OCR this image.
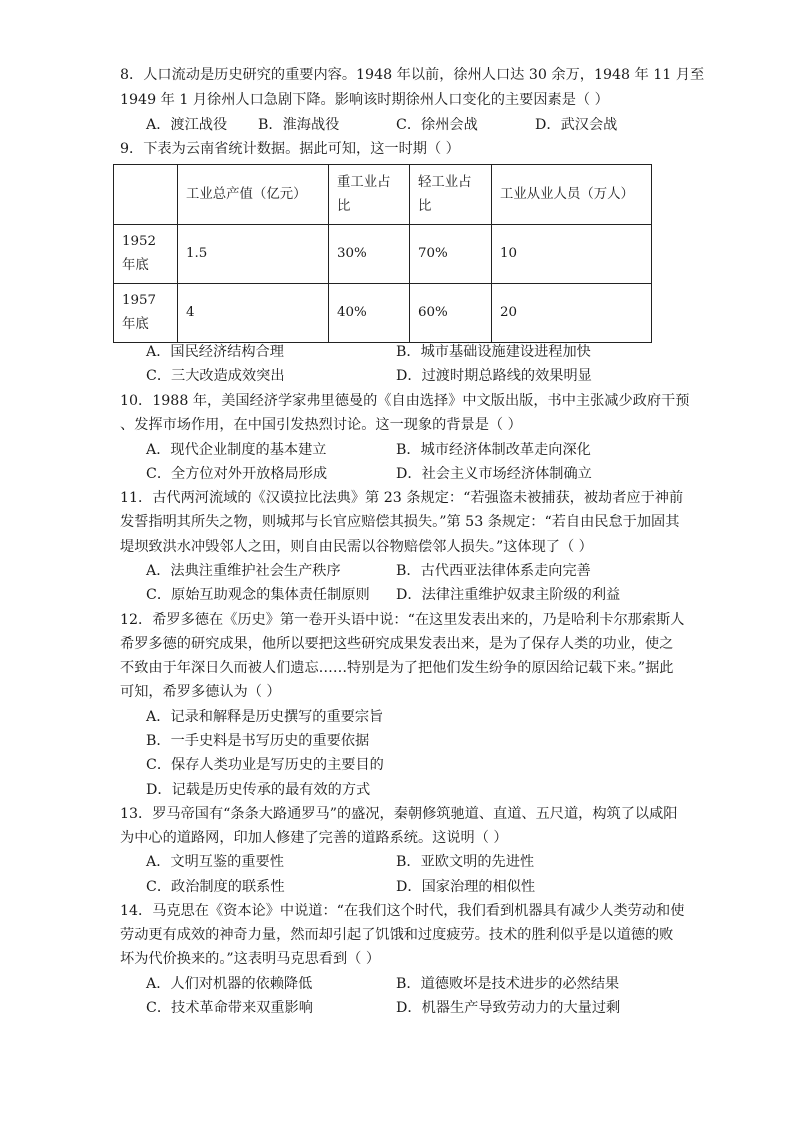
8．人口流动是历史研究的重要内容。1948 年以前，徐州人口达 30 余万，1948 年 11 月至
1949 年 1 月徐州人口急剧下降。影响该时期徐州人口变化的主要因素是（ ）
A．渡江战役 B．淮海战役	C．徐州会战	D．武汉会战
9．下表为云南省统计数据。据此可知，这一时期（ ）
	工业总产值（亿元）	重工业占比	轻工业占比	工业从业人员（万人）
1952 年底	1.5	30%	70%	10
1957 年底	4	40%	60%	20
A．国民经济结构合理	B．城市基础设施建设进程加快
C．三大改造成效突出	D．过渡时期总路线的效果明显
10．1988 年，美国经济学家弗里德曼的《自由选择》中文版出版，书中主张减少政府干预
、发挥市场作用，在中国引发热烈讨论。这一现象的背景是（ ）
A．现代企业制度的基本建立	B．城市经济体制改革走向深化
C．全方位对外开放格局形成	D．社会主义市场经济体制确立
11．古代两河流域的《汉谟拉比法典》第 23 条规定：“若强盗未被捕获，被劫者应于神前
发誓指明其所失之物，则城邦与长官应赔偿其损失。”第 53 条规定：“若自由民怠于加固其
堤坝致洪水冲毁邻人之田，则自由民需以谷物赔偿邻人损失。”这体现了（ ）
A．法典注重维护社会生产秩序	B．古代西亚法律体系走向完善
C．原始互助观念的集体责任制原则 D．法律注重维护奴隶主阶级的利益
12．希罗多德在《历史》第一卷开头语中说：“在这里发表出来的，乃是哈利卡尔那索斯人
希罗多德的研究成果，他所以要把这些研究成果发表出来，是为了保存人类的功业，使之
不致由于年深日久而被人们遗忘……特别是为了把他们发生纷争的原因给记载下来。”据此
可知，希罗多德认为（ ）
A．记录和解释是历史撰写的重要宗旨
B．一手史料是书写历史的重要依据
C．保存人类功业是写历史的主要目的
D．记载是历史传承的最有效的方式
13．罗马帝国有“条条大路通罗马”的盛况，秦朝修筑驰道、直道、五尺道，构筑了以咸阳
为中心的道路网，印加人修建了完善的道路系统。这说明（ ）
A．文明互鉴的重要性	B．亚欧文明的先进性
C．政治制度的联系性	D．国家治理的相似性
14．马克思在《资本论》中说道：“在我们这个时代，我们看到机器具有减少人类劳动和使
劳动更有成效的神奇力量，然而却引起了饥饿和过度疲劳。技术的胜利似乎是以道德的败
坏为代价换来的。”这表明马克思看到（ ）
A．人们对机器的依赖降低	B．道德败坏是技术进步的必然结果
C．技术革命带来双重影响	D．机器生产导致劳动力的大量过剩
